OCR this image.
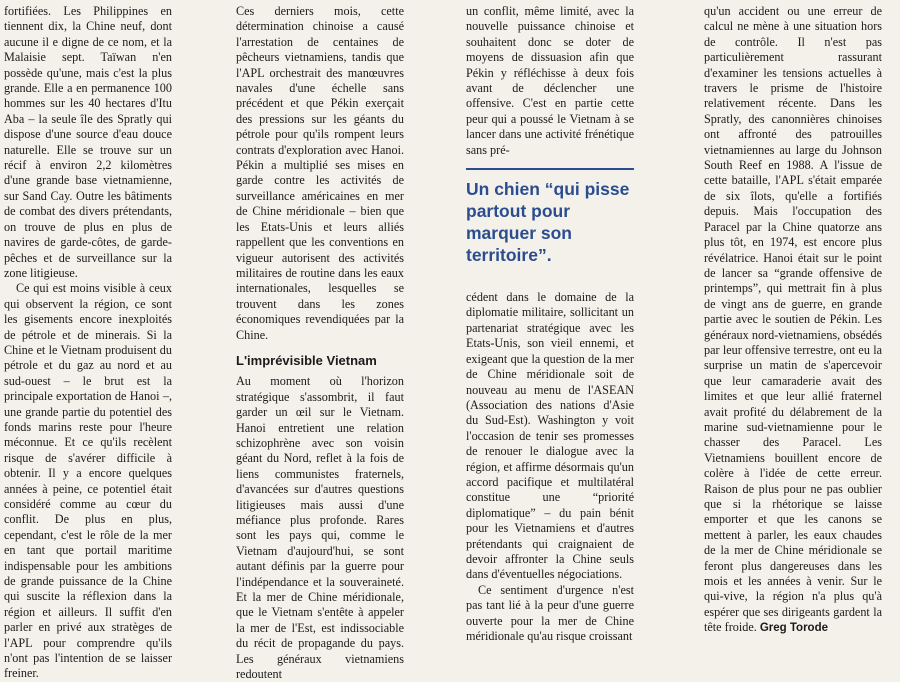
fortifiées. Les Philippines en tiennent dix, la Chine neuf, dont aucune il e digne de ce nom, et la Malaisie sept. Taïwan n'en possède qu'une, mais c'est la plus grande. Elle a en permanence 100 hommes sur les 40 hectares d'Itu Aba – la seule île des Spratly qui dispose d'une source d'eau douce naturelle. Elle se trouve sur un récif à environ 2,2 kilomètres d'une grande base vietnamienne, sur Sand Cay. Outre les bâtiments de combat des divers prétendants, on trouve de plus en plus de navires de garde-côtes, de garde-pêches et de surveillance sur la zone litigieuse.

Ce qui est moins visible à ceux qui observent la région, ce sont les gisements encore inexploités de pétrole et de minerais. Si la Chine et le Vietnam produisent du pétrole et du gaz au nord et au sud-ouest – le brut est la principale exportation de Hanoi –, une grande partie du potentiel des fonds marins reste pour l'heure méconnue. Et ce qu'ils recèlent risque de s'avérer difficile à obtenir. Il y a encore quelques années à peine, ce potentiel était considéré comme au cœur du conflit. De plus en plus, cependant, c'est le rôle de la mer en tant que portail maritime indispensable pour les ambitions de grande puissance de la Chine qui suscite la réflexion dans la région et ailleurs. Il suffit d'en parler en privé aux stratèges de l'APL pour comprendre qu'ils n'ont pas l'intention de se laisser freiner.

Ces derniers mois, cette détermination chinoise a causé l'arrestation de centaines de pêcheurs vietnamiens, tandis que l'APL orchestrait des manœuvres navales d'une échelle sans précédent et que Pékin exerçait des pressions sur les géants du pétrole pour qu'ils rompent leurs contrats d'exploration avec Hanoi. Pékin a multiplié ses mises en garde contre les activités de surveillance américaines en mer de Chine méridionale – bien que les Etats-Unis et leurs alliés rappellent que les conventions en vigueur autorisent des activités militaires de routine dans les eaux internationales, lesquelles se trouvent dans les zones économiques revendiquées par la Chine.

L'imprévisible Vietnam

Au moment où l'horizon stratégique s'assombrit, il faut garder un œil sur le Vietnam. Hanoi entretient une relation schizophrène avec son voisin géant du Nord, reflet à la fois de liens communistes fraternels, d'avancées sur d'autres questions litigieuses mais aussi d'une méfiance plus profonde. Rares sont les pays qui, comme le Vietnam d'aujourd'hui, se sont autant définis par la guerre pour l'indépendance et la souveraineté. Et la mer de Chine méridionale, que le Vietnam s'entête à appeler la mer de l'Est, est indissociable du récit de propagande du pays. Les généraux vietnamiens redoutent

un conflit, même limité, avec la nouvelle puissance chinoise et souhaitent donc se doter de moyens de dissuasion afin que Pékin y réfléchisse à deux fois avant de déclencher une offensive. C'est en partie cette peur qui a poussé le Vietnam à se lancer dans une activité frénétique sans pré-

Un chien “qui pisse partout pour marquer son territoire”.

cédent dans le domaine de la diplomatie militaire, sollicitant un partenariat stratégique avec les Etats-Unis, son vieil ennemi, et exigeant que la question de la mer de Chine méridionale soit de nouveau au menu de l'ASEAN (Association des nations d'Asie du Sud-Est). Washington y voit l'occasion de tenir ses promesses de renouer le dialogue avec la région, et affirme désormais qu'un accord pacifique et multilatéral constitue une “priorité diplomatique” – du pain bénit pour les Vietnamiens et d'autres prétendants qui craignaient de devoir affronter la Chine seuls dans d'éventuelles négociations.

Ce sentiment d'urgence n'est pas tant lié à la peur d'une guerre ouverte pour la mer de Chine méridionale qu'au risque croissant

qu'un accident ou une erreur de calcul ne mène à une situation hors de contrôle. Il n'est pas particulièrement rassurant d'examiner les tensions actuelles à travers le prisme de l'histoire relativement récente. Dans les Spratly, des canonnières chinoises ont affronté des patrouilles vietnamiennes au large du Johnson South Reef en 1988. A l'issue de cette bataille, l'APL s'était emparée de six îlots, qu'elle a fortifiés depuis. Mais l'occupation des Paracel par la Chine quatorze ans plus tôt, en 1974, est encore plus révélatrice. Hanoi était sur le point de lancer sa “grande offensive de printemps”, qui mettrait fin à plus de vingt ans de guerre, en grande partie avec le soutien de Pékin. Les généraux nord-vietnamiens, obsédés par leur offensive terrestre, ont eu la surprise un matin de s'apercevoir que leur camaraderie avait des limites et que leur allié fraternel avait profité du délabrement de la marine sud-vietnamienne pour le chasser des Paracel. Les Vietnamiens bouillent encore de colère à l'idée de cette erreur. Raison de plus pour ne pas oublier que si la rhétorique se laisse emporter et que les canons se mettent à parler, les eaux chaudes de la mer de Chine méridionale se feront plus dangereuses dans les mois et les années à venir. Sur le qui-vive, la région n'a plus qu'à espérer que ses dirigeants gardent la tête froide. Greg Torode
